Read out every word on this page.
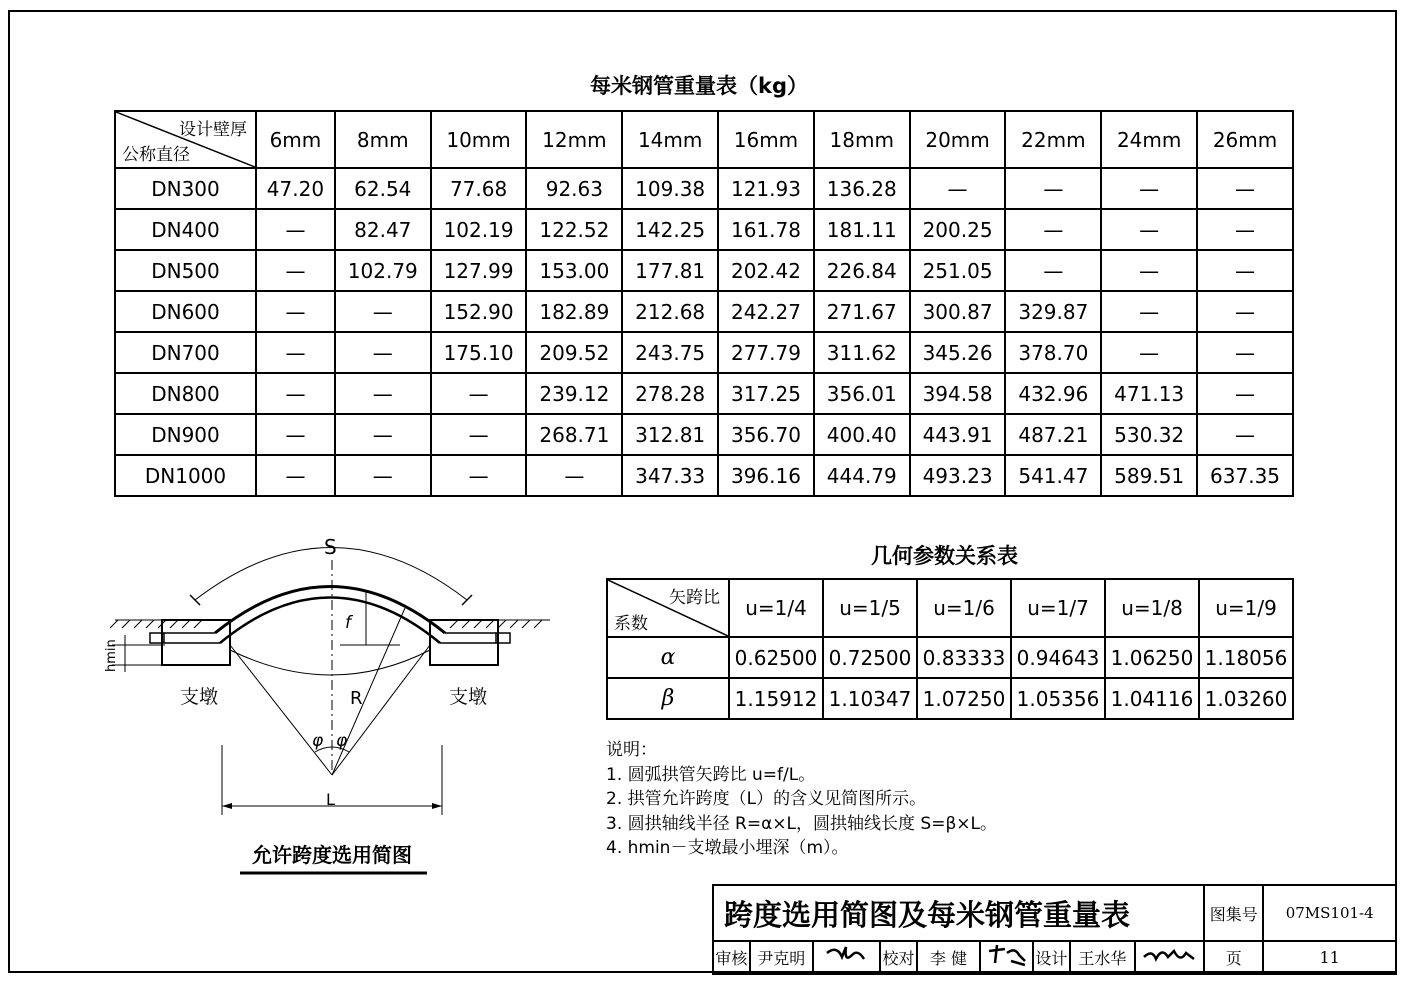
每米钢管重量表（kg）
设计壁厚
公称直径	6mm	8mm	10mm	12mm	14mm	16mm	18mm	20mm	22mm	24mm	26mm
DN300	47.20	62.54	77.68	92.63	109.38	121.93	136.28	—	—	—	—
DN400	—	82.47	102.19	122.52	142.25	161.78	181.11	200.25	—	—	—
DN500	—	102.79	127.99	153.00	177.81	202.42	226.84	251.05	—	—	—
DN600	—	—	152.90	182.89	212.68	242.27	271.67	300.87	329.87	—	—
DN700	—	—	175.10	209.52	243.75	277.79	311.62	345.26	378.70	—	—
DN800	—	—	—	239.12	278.28	317.25	356.01	394.58	432.96	471.13	—
DN900	—	—	—	268.71	312.81	356.70	400.40	443.91	487.21	530.32	—
DN1000	—	—	—	—	347.33	396.16	444.79	493.23	541.47	589.51	637.35
几何参数关系表
矢跨比
系数	u=1/4	u=1/5	u=1/6	u=1/7	u=1/8	u=1/9
α	0.62500	0.72500	0.83333	0.94643	1.06250	1.18056
β	1.15912	1.10347	1.07250	1.05356	1.04116	1.03260
说明：
1. 圆弧拱管矢跨比 u=f/L。
2. 拱管允许跨度（L）的含义见简图所示。
3. 圆拱轴线半径 R=α×L，圆拱轴线长度 S=β×L。
4. hmin－支墩最小埋深（m）。
S
f
R
L
φ φ
hmin
支墩	支墩
允许跨度选用简图
跨度选用简图及每米钢管重量表									图集号	07MS101-4
审核	尹克明		校对	李 健		设计	王水华		页	11
